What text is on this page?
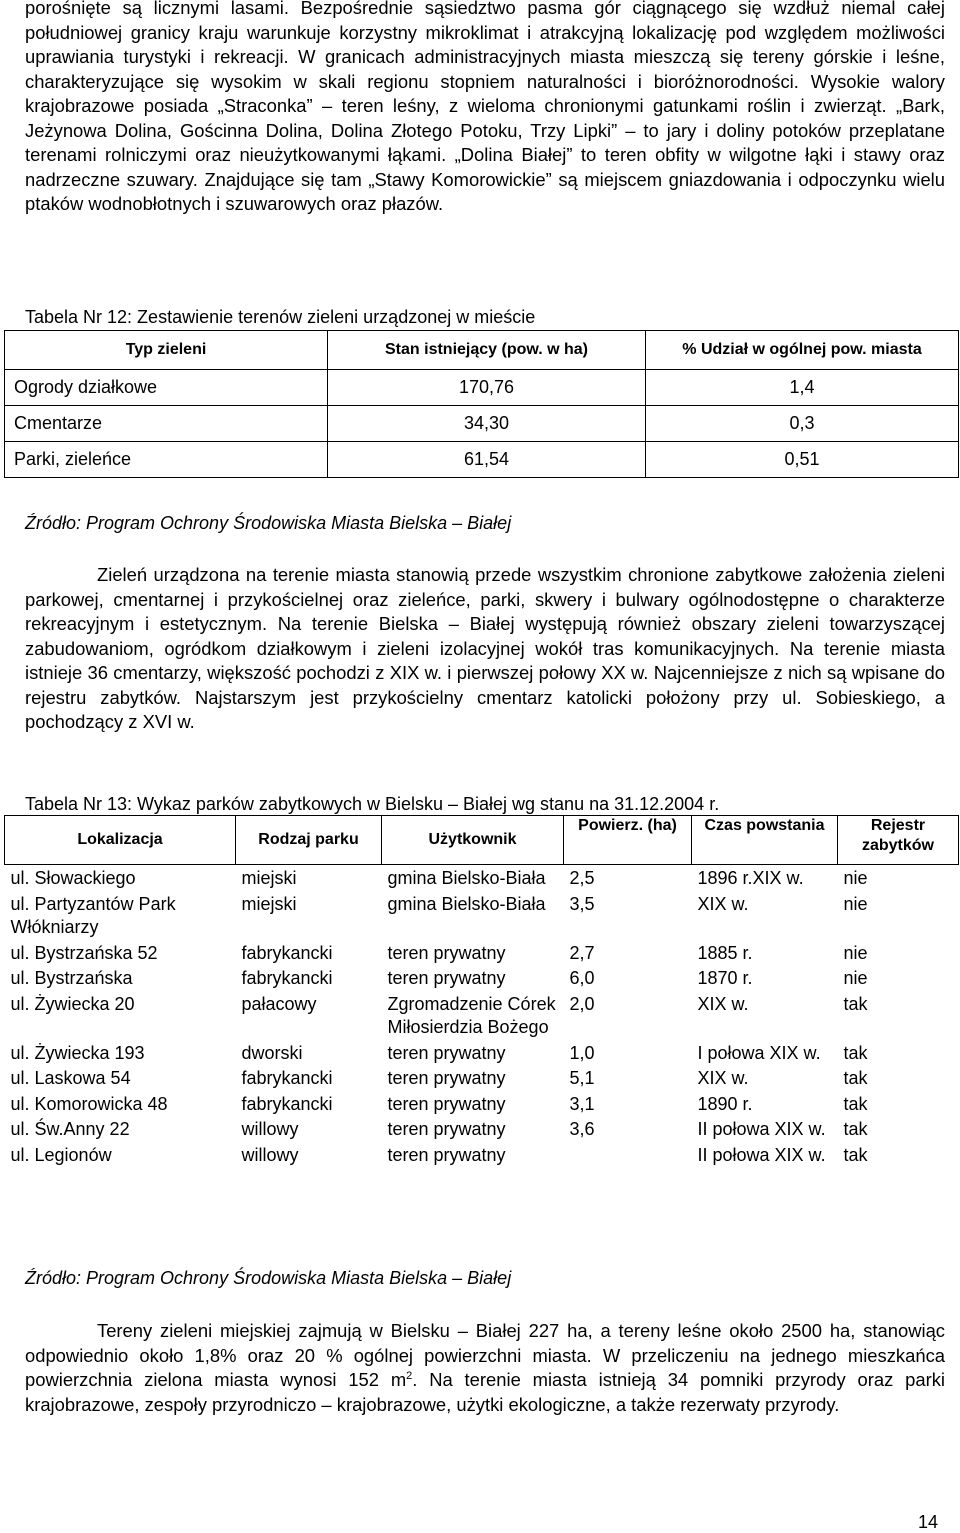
porośnięte są licznymi lasami. Bezpośrednie sąsiedztwo pasma gór ciągnącego się wzdłuż niemal całej południowej granicy kraju warunkuje korzystny mikroklimat i atrakcyjną lokalizację pod względem możliwości uprawiania turystyki i rekreacji. W granicach administracyjnych miasta mieszczą się tereny górskie i leśne, charakteryzujące się wysokim w skali regionu stopniem naturalności i bioróżnorodności. Wysokie walory krajobrazowe posiada „Straconka” – teren leśny, z wieloma chronionymi gatunkami roślin i zwierząt. „Bark, Jeżynowa Dolina, Gościnna Dolina, Dolina Złotego Potoku, Trzy Lipki” – to jary i doliny potoków przeplatane terenami rolniczymi oraz nieużytkowanymi łąkami. „Dolina Białej” to teren obfity w wilgotne łąki i stawy oraz nadrzeczne szuwary. Znajdujące się tam „Stawy Komorowickie” są miejscem gniazdowania i odpoczynku wielu ptaków wodnobłotnych i szuwarowych oraz płazów.

Tabela Nr 12: Zestawienie terenów zieleni urządzonej w mieście

Typ zieleni	Stan istniejący (pow. w ha)	% Udział w ogólnej pow. miasta
Ogrody działkowe	170,76	1,4
Cmentarze	34,30	0,3
Parki, zieleńce	61,54	0,51

Źródło: Program Ochrony Środowiska Miasta Bielska – Białej

Zieleń urządzona na terenie miasta stanowią przede wszystkim chronione zabytkowe założenia zieleni parkowej, cmentarnej i przykościelnej oraz zieleńce, parki, skwery i bulwary ogólnodostępne o charakterze rekreacyjnym i estetycznym. Na terenie Bielska – Białej występują również obszary zieleni towarzyszącej zabudowaniom, ogródkom działkowym i zieleni izolacyjnej wokół tras komunikacyjnych. Na terenie miasta istnieje 36 cmentarzy, większość pochodzi z XIX w. i pierwszej połowy XX w. Najcenniejsze z nich są wpisane do rejestru zabytków. Najstarszym jest przykościelny cmentarz katolicki położony przy ul. Sobieskiego, a pochodzący z XVI w.

Tabela Nr 13: Wykaz parków zabytkowych w Bielsku – Białej wg stanu na 31.12.2004 r.

Lokalizacja	Rodzaj parku	Użytkownik	Powierz. (ha)	Czas powstania	Rejestr zabytków
ul. Słowackiego	miejski	gmina Bielsko-Biała	2,5	1896 r.XIX w.	nie
ul. Partyzantów Park Włókniarzy	miejski	gmina Bielsko-Biała	3,5	XIX w.	nie
ul. Bystrzańska 52	fabrykancki	teren prywatny	2,7	1885 r.	nie
ul. Bystrzańska	fabrykancki	teren prywatny	6,0	1870 r.	nie
ul. Żywiecka 20	pałacowy	Zgromadzenie Córek Miłosierdzia Bożego	2,0	XIX w.	tak
ul. Żywiecka 193	dworski	teren prywatny	1,0	I połowa XIX w.	tak
ul. Laskowa 54	fabrykancki	teren prywatny	5,1	XIX w.	tak
ul. Komorowicka 48	fabrykancki	teren prywatny	3,1	1890 r.	tak
ul. Św.Anny 22	willowy	teren prywatny	3,6	II połowa XIX w.	tak
ul. Legionów	willowy	teren prywatny		II połowa XIX w.	tak

Źródło: Program Ochrony Środowiska Miasta Bielska – Białej

Tereny zieleni miejskiej zajmują w Bielsku – Białej 227 ha, a tereny leśne około 2500 ha, stanowiąc odpowiednio około 1,8% oraz 20 % ogólnej powierzchni miasta. W przeliczeniu na jednego mieszkańca powierzchnia zielona miasta wynosi 152 $m^2$. Na terenie miasta istnieją 34 pomniki przyrody oraz parki krajobrazowe, zespoły przyrodniczo – krajobrazowe, użytki ekologiczne, a także rezerwaty przyrody.

14
